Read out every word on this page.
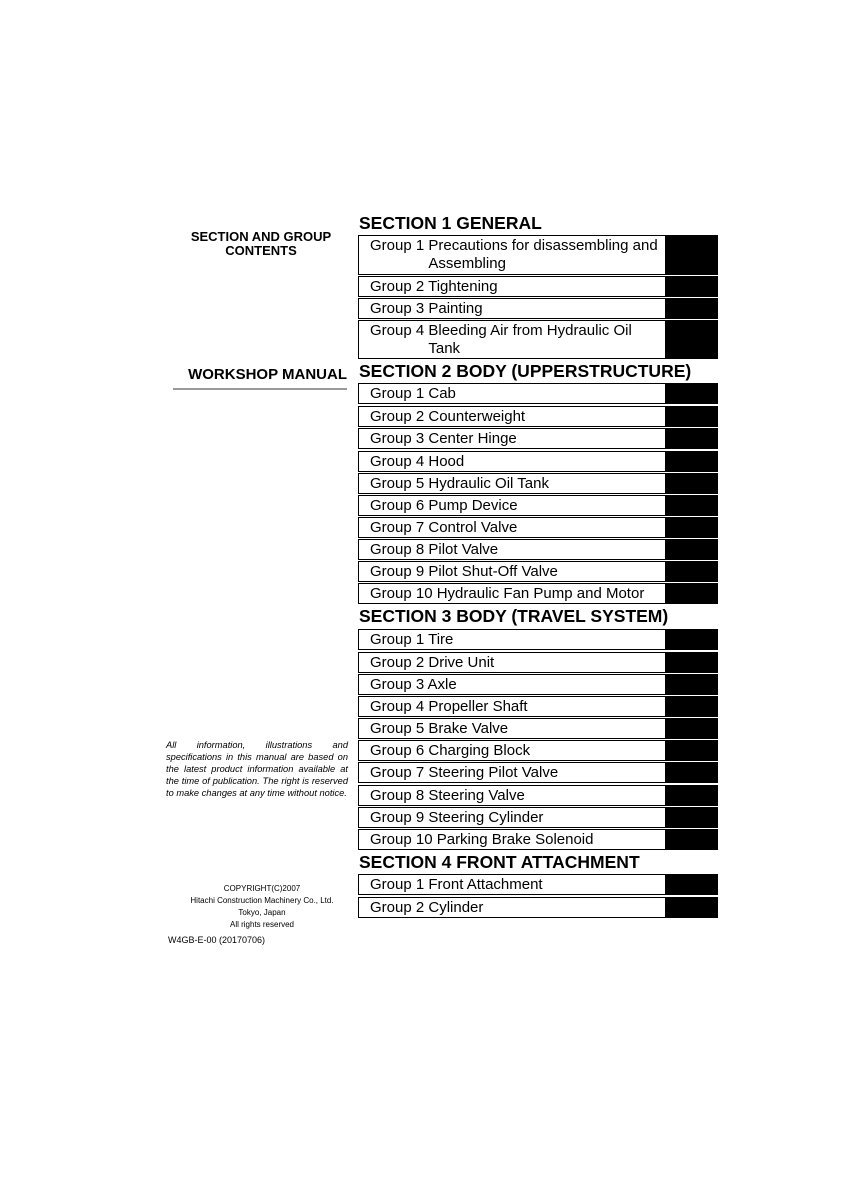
SECTION AND GROUP
CONTENTS
WORKSHOP MANUAL
All information, illustrations and specifications in this manual are based on the latest product information available at the time of publication. The right is reserved to make changes at any time without notice.
COPYRIGHT(C)2007
Hitachi Construction Machinery Co., Ltd.
Tokyo, Japan
All rights reserved
W4GB-E-00 (20170706)
SECTION 1 GENERAL
Group 1 Precautions for disassembling and Assembling
Group 2 Tightening
Group 3 Painting
Group 4 Bleeding Air from Hydraulic Oil Tank
SECTION 2 BODY (UPPERSTRUCTURE)
Group 1 Cab
Group 2 Counterweight
Group 3 Center Hinge
Group 4 Hood
Group 5 Hydraulic Oil Tank
Group 6 Pump Device
Group 7 Control Valve
Group 8 Pilot Valve
Group 9 Pilot Shut-Off Valve
Group 10 Hydraulic Fan Pump and Motor
SECTION 3 BODY (TRAVEL SYSTEM)
Group 1 Tire
Group 2 Drive Unit
Group 3 Axle
Group 4 Propeller Shaft
Group 5 Brake Valve
Group 6 Charging Block
Group 7 Steering Pilot Valve
Group 8 Steering Valve
Group 9 Steering Cylinder
Group 10 Parking Brake Solenoid
SECTION 4 FRONT ATTACHMENT
Group 1 Front Attachment
Group 2 Cylinder
